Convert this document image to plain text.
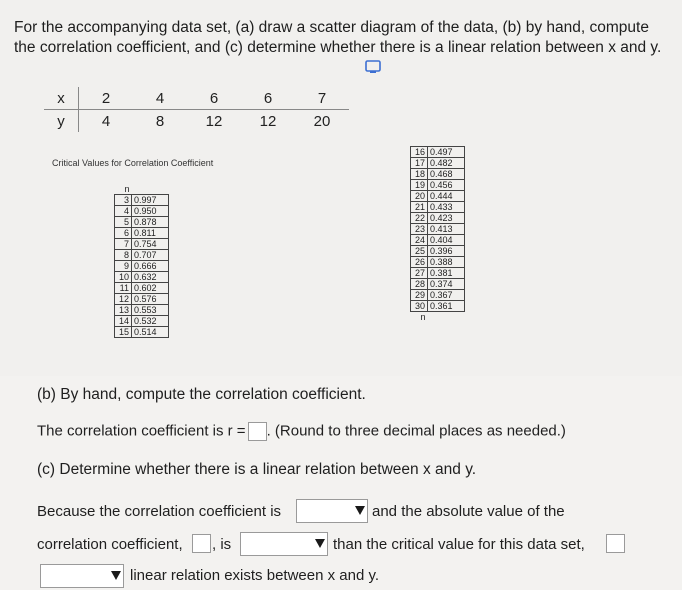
For the accompanying data set, (a) draw a scatter diagram of the data, (b) by hand, compute
the correlation coefficient, and (c) determine whether there is a linear relation between x and y.
x	2	4	6	6	7
y	4	8	12	12	20
Critical Values for Correlation Coefficient
n	
3	0.997
4	0.950
5	0.878
6	0.811
7	0.754
8	0.707
9	0.666
10	0.632
11	0.602
12	0.576
13	0.553
14	0.532
15	0.514
16	0.497
17	0.482
18	0.468
19	0.456
20	0.444
21	0.433
22	0.423
23	0.413
24	0.404
25	0.396
26	0.388
27	0.381
28	0.374
29	0.367
30	0.361
n	
(b) By hand, compute the correlation coefficient.
The correlation coefficient is r = . (Round to three decimal places as needed.)
(c) Determine whether there is a linear relation between x and y.
Because the correlation coefficient is	and the absolute value of the
correlation coefficient, , is	than the critical value for this data set,
linear relation exists between x and y.
